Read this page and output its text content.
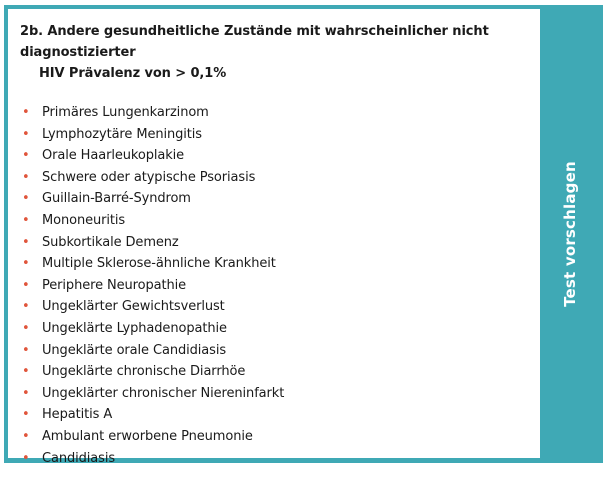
2b. Andere gesundheitliche Zustände mit wahrscheinlicher nicht diagnostizierter
HIV Prävalenz von > 0,1%
• Primäres Lungenkarzinom
• Lymphozytäre Meningitis
• Orale Haarleukoplakie
• Schwere oder atypische Psoriasis
• Guillain-Barré-Syndrom
• Mononeuritis
• Subkortikale Demenz
• Multiple Sklerose-ähnliche Krankheit
• Periphere Neuropathie
• Ungeklärter Gewichtsverlust
• Ungeklärte Lyphadenopathie
• Ungeklärte orale Candidiasis
• Ungeklärte chronische Diarrhöe
• Ungeklärter chronischer Niereninfarkt
• Hepatitis A
• Ambulant erworbene Pneumonie
• Candidiasis
Test vorschlagen
